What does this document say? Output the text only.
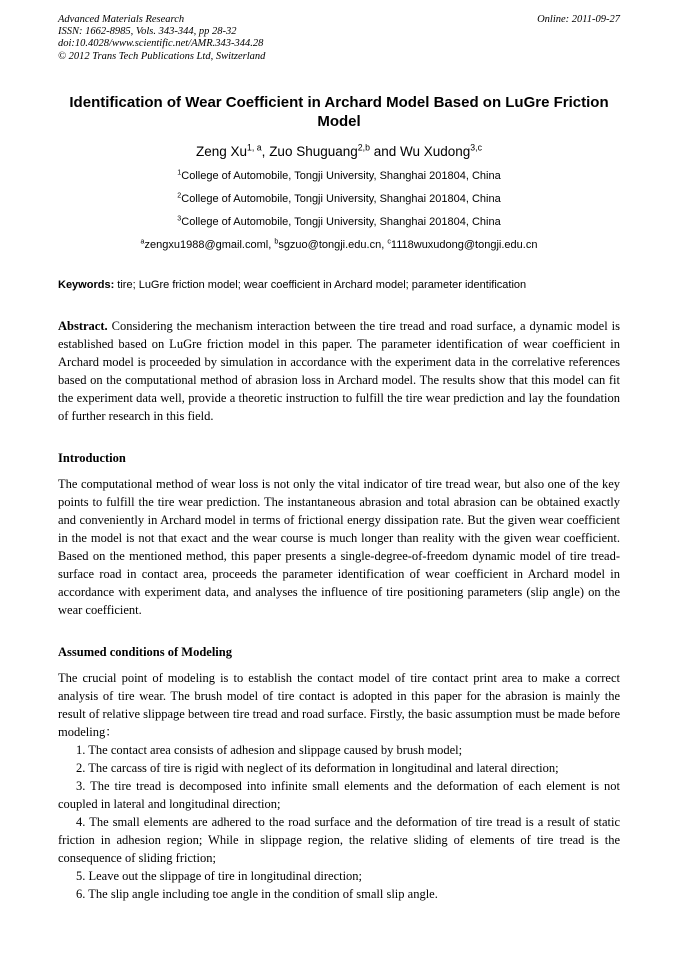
Advanced Materials Research
ISSN: 1662-8985, Vols. 343-344, pp 28-32
doi:10.4028/www.scientific.net/AMR.343-344.28
© 2012 Trans Tech Publications Ltd, Switzerland
Online: 2011-09-27
Identification of Wear Coefficient in Archard Model Based on LuGre Friction Model

Zeng Xu$^{1, a}$, Zuo Shuguang$^{2,b}$ and Wu Xudong$^{3,c}$

$^1$College of Automobile, Tongji University, Shanghai 201804, China

$^2$College of Automobile, Tongji University, Shanghai 201804, China

$^3$College of Automobile, Tongji University, Shanghai 201804, China

$^a$zengxu1988@gmail.coml, $^b$sgzuo@tongji.edu.cn, $^c$1118wuxudong@tongji.edu.cn

Keywords: tire; LuGre friction model; wear coefficient in Archard model; parameter identification

Abstract. Considering the mechanism interaction between the tire tread and road surface, a dynamic model is established based on LuGre friction model in this paper. The parameter identification of wear coefficient in Archard model is proceeded by simulation in accordance with the experiment data in the correlative references based on the computational method of abrasion loss in Archard model. The results show that this model can fit the experiment data well, provide a theoretic instruction to fulfill the tire wear prediction and lay the foundation of further research in this field.

Introduction

The computational method of wear loss is not only the vital indicator of tire tread wear, but also one of the key points to fulfill the tire wear prediction. The instantaneous abrasion and total abrasion can be obtained exactly and conveniently in Archard model in terms of frictional energy dissipation rate. But the given wear coefficient in the model is not that exact and the wear course is much longer than reality with the given wear coefficient. Based on the mentioned method, this paper presents a single-degree-of-freedom dynamic model of tire tread-surface road in contact area, proceeds the parameter identification of wear coefficient in Archard model in accordance with experiment data, and analyses the influence of tire positioning parameters (slip angle) on the wear coefficient.

Assumed conditions of Modeling

The crucial point of modeling is to establish the contact model of tire contact print area to make a correct analysis of tire wear. The brush model of tire contact is adopted in this paper for the abrasion is mainly the result of relative slippage between tire tread and road surface. Firstly, the basic assumption must be made before modeling：

1. The contact area consists of adhesion and slippage caused by brush model;

2. The carcass of tire is rigid with neglect of its deformation in longitudinal and lateral direction;

3. The tire tread is decomposed into infinite small elements and the deformation of each element is not coupled in lateral and longitudinal direction;

4. The small elements are adhered to the road surface and the deformation of tire tread is a result of static friction in adhesion region; While in slippage region, the relative sliding of elements of tire tread is the consequence of sliding friction;

5. Leave out the slippage of tire in longitudinal direction;

6. The slip angle including toe angle in the condition of small slip angle.
